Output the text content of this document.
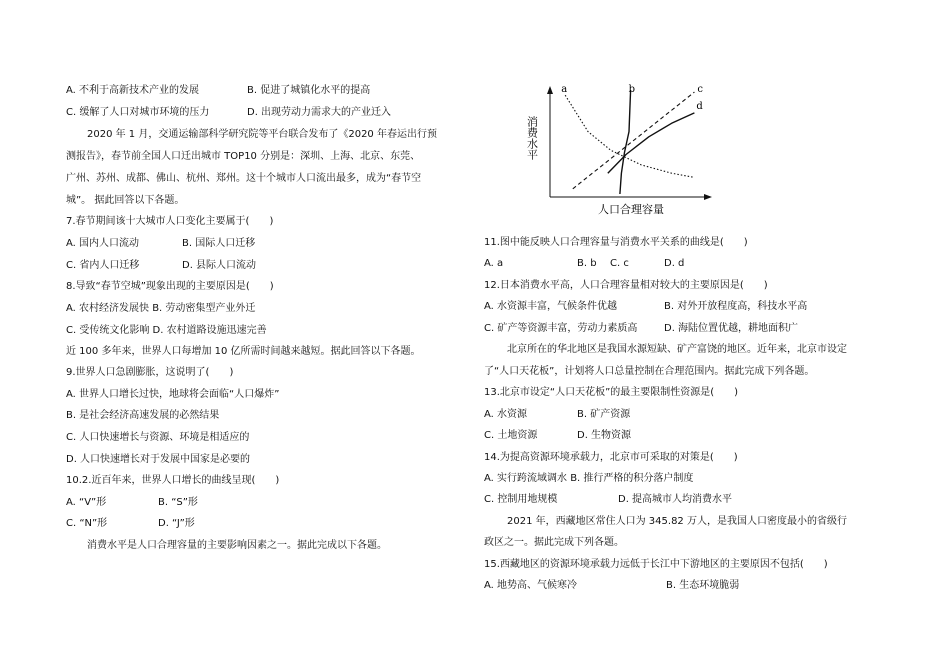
A. 不利于高新技术产业的发展	B. 促进了城镇化水平的提高
C. 缓解了人口对城市环境的压力	D. 出现劳动力需求大的产业迁入
2020 年 1 月，交通运输部科学研究院等平台联合发布了《2020 年春运出行预
测报告》，春节前全国人口迁出城市 TOP10 分别是：深圳、上海、北京、东莞、
广州、苏州、成都、佛山、杭州、郑州。这十个城市人口流出最多，成为“春节空
城”。 据此回答以下各题。
7.春节期间该十大城市人口变化主要属于(　　)
A. 国内人口流动	B. 国际人口迁移
C. 省内人口迁移	D. 县际人口流动
8.导致“春节空城”现象出现的主要原因是(　　)
A. 农村经济发展快 B. 劳动密集型产业外迁
C. 受传统文化影响 D. 农村道路设施迅速完善
近 100 多年来，世界人口每增加 10 亿所需时间越来越短。据此回答以下各题。
9.世界人口急剧膨胀，这说明了(　　)
A. 世界人口增长过快，地球将会面临“人口爆炸”
B. 是社会经济高速发展的必然结果
C. 人口快速增长与资源、环境是相适应的
D. 人口快速增长对于发展中国家是必要的
10.2.近百年来，世界人口增长的曲线呈现(　　)
A. “V”形	B. “S”形
C. “N”形	D. “J”形
消费水平是人口合理容量的主要影响因素之一。据此完成以下各题。
消费水平
人口合理容量
a	b	c
d
11.图中能反映人口合理容量与消费水平关系的曲线是(　　)
A. a	B. b C. c	D. d
12.日本消费水平高，人口合理容量相对较大的主要原因是(　　)
A. 水资源丰富，气候条件优越	B. 对外开放程度高，科技水平高
C. 矿产等资源丰富，劳动力素质高	D. 海陆位置优越，耕地面积广
北京所在的华北地区是我国水源短缺、矿产富饶的地区。近年来，北京市设定
了“人口天花板”，计划将人口总量控制在合理范围内。据此完成下列各题。
13.北京市设定“人口天花板”的最主要限制性资源是(　　)
A. 水资源	B. 矿产资源
C. 土地资源	D. 生物资源
14.为提高资源环境承载力，北京市可采取的对策是(　　)
A. 实行跨流域调水 B. 推行严格的积分落户制度
C. 控制用地规模	D. 提高城市人均消费水平
2021 年，西藏地区常住人口为 345.82 万人，是我国人口密度最小的省级行
政区之一。据此完成下列各题。
15.西藏地区的资源环境承载力远低于长江中下游地区的主要原因不包括(　　)
A. 地势高、气候寒冷	B. 生态环境脆弱
